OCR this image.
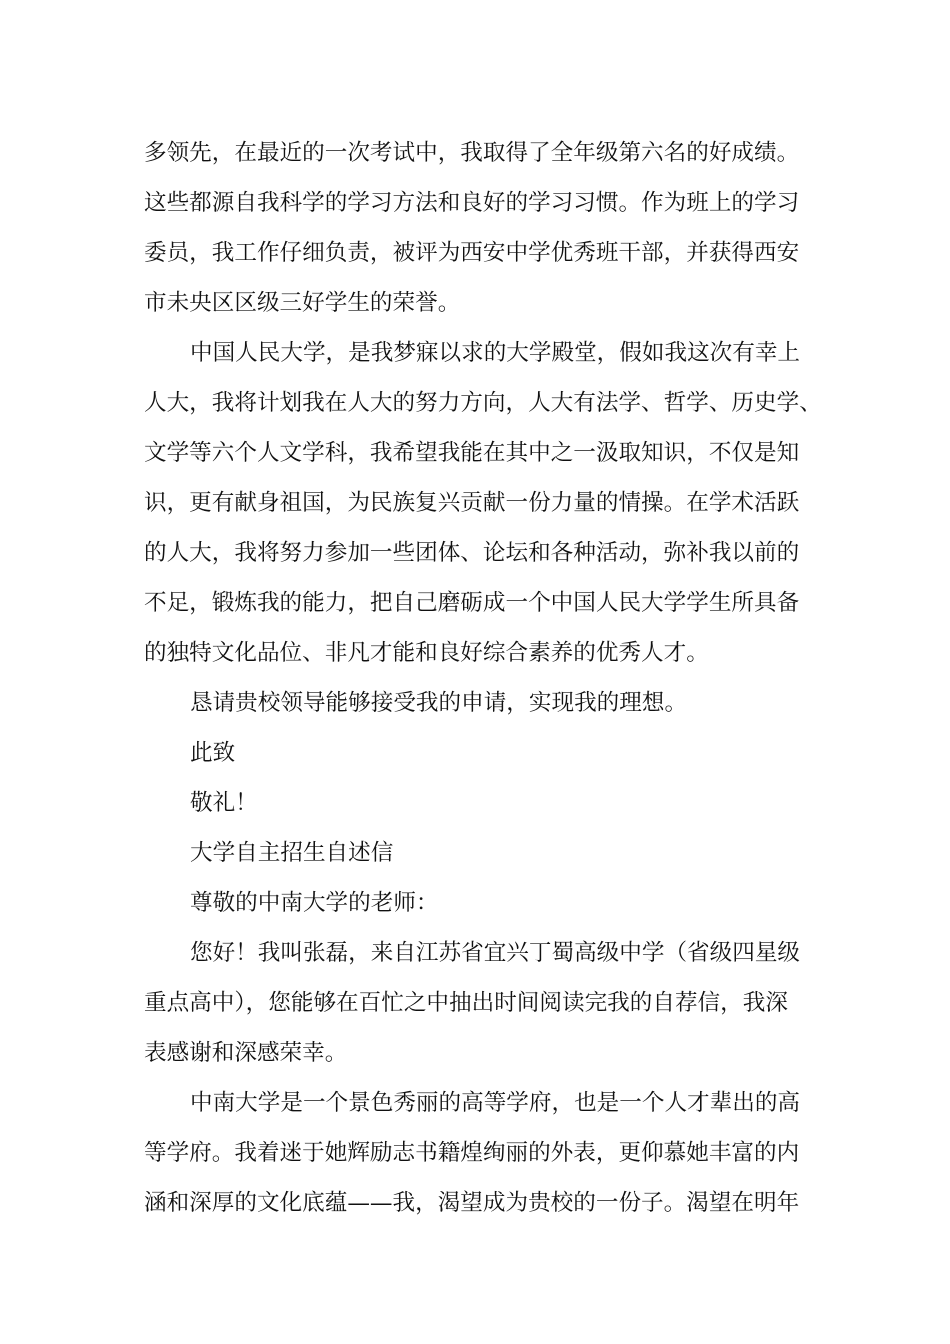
多领先，在最近的一次考试中，我取得了全年级第六名的好成绩。
这些都源自我科学的学习方法和良好的学习习惯。作为班上的学习
委员，我工作仔细负责，被评为西安中学优秀班干部，并获得西安
市未央区区级三好学生的荣誉。
中国人民大学，是我梦寐以求的大学殿堂，假如我这次有幸上
人大，我将计划我在人大的努力方向，人大有法学、哲学、历史学、
文学等六个人文学科，我希望我能在其中之一汲取知识，不仅是知
识，更有献身祖国，为民族复兴贡献一份力量的情操。在学术活跃
的人大，我将努力参加一些团体、论坛和各种活动，弥补我以前的
不足，锻炼我的能力，把自己磨砺成一个中国人民大学学生所具备
的独特文化品位、非凡才能和良好综合素养的优秀人才。
恳请贵校领导能够接受我的申请，实现我的理想。
此致
敬礼！
大学自主招生自述信
尊敬的中南大学的老师：
您好！我叫张磊，来自江苏省宜兴丁蜀高级中学（省级四星级
重点高中），您能够在百忙之中抽出时间阅读完我的自荐信，我深
表感谢和深感荣幸。
中南大学是一个景色秀丽的高等学府，也是一个人才辈出的高
等学府。我着迷于她辉励志书籍煌绚丽的外表，更仰慕她丰富的内
涵和深厚的文化底蕴——我，渴望成为贵校的一份子。渴望在明年
